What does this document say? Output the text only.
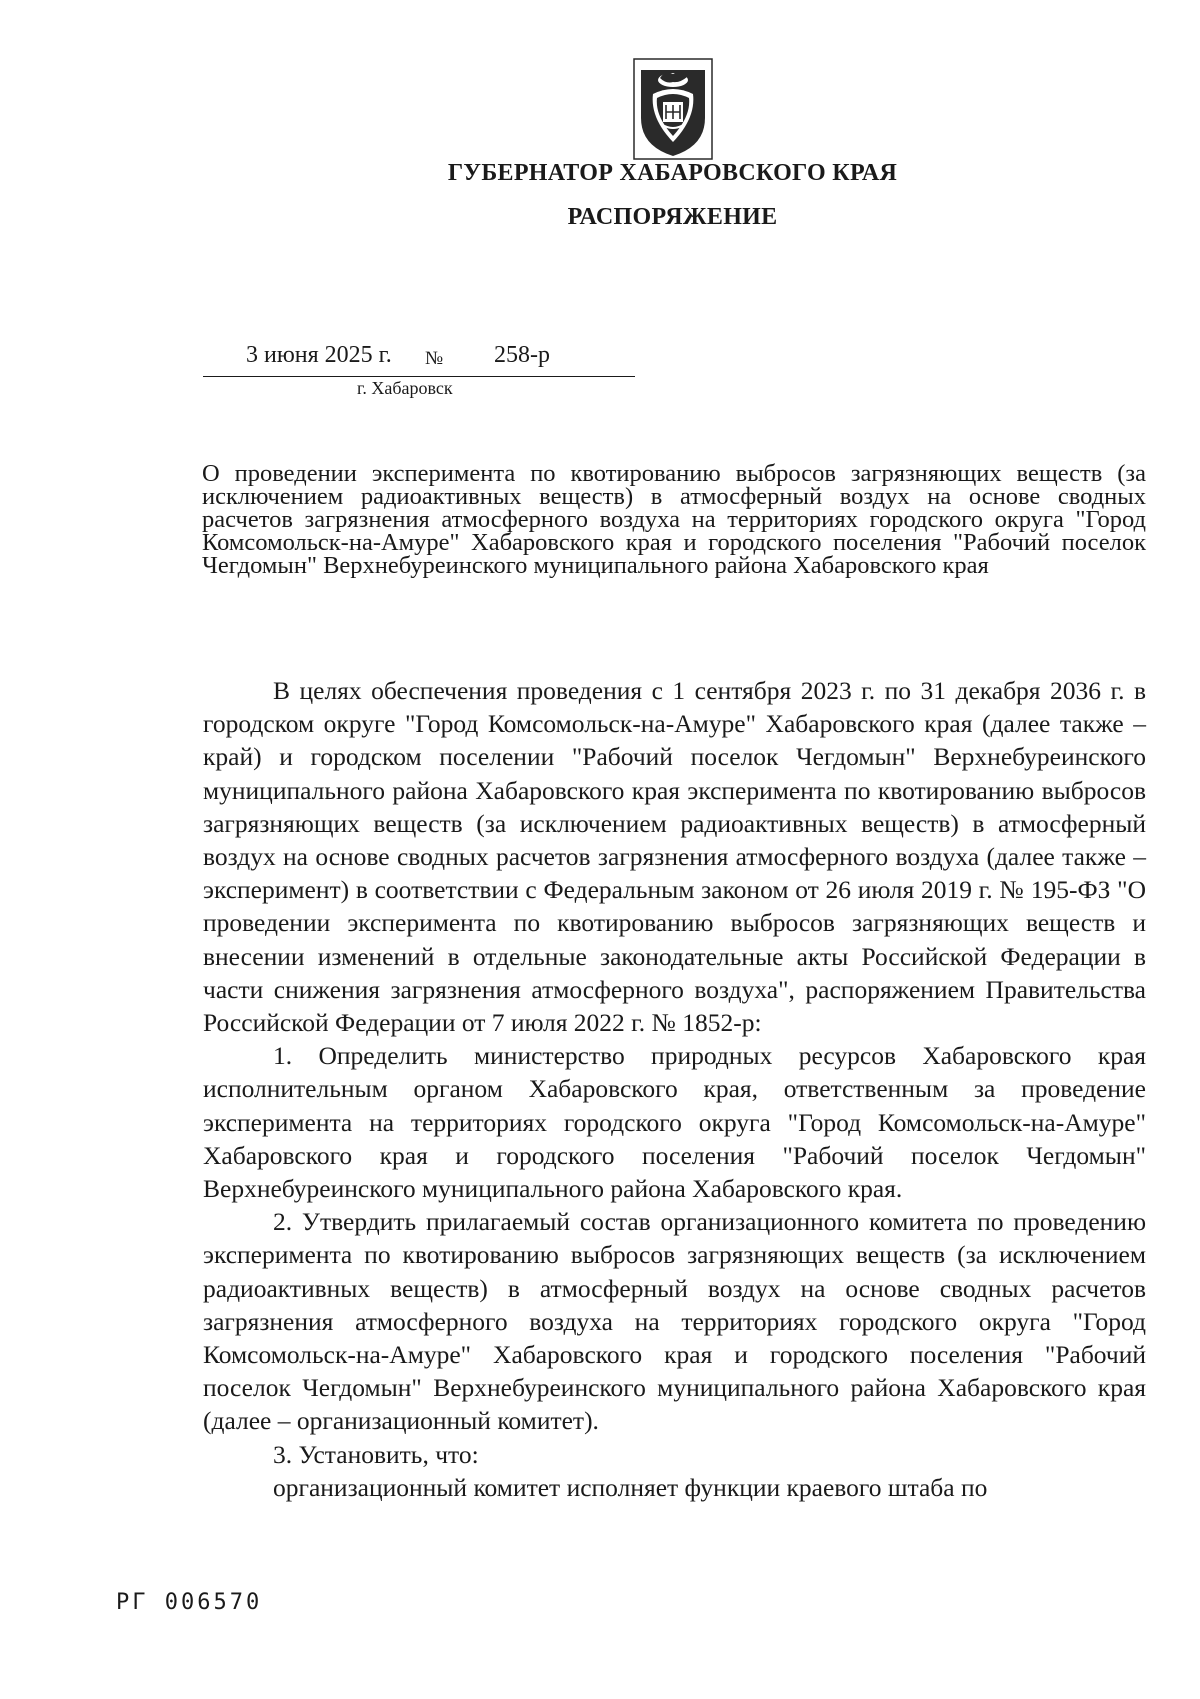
ГУБЕРНАТОР ХАБАРОВСКОГО КРАЯ
РАСПОРЯЖЕНИЕ
3 июня 2025 г. № 258-р
г. Хабаровск
О проведении эксперимента по квотированию выбросов загрязняющих веществ (за исключением радиоактивных веществ) в атмосферный воздух на основе сводных расчетов загрязнения атмосферного воздуха на территориях городского округа "Город Комсомольск-на-Амуре" Хабаровского края и городского поселения "Рабочий поселок Чегдомын" Верхнебуреинского муниципального района Хабаровского края

В целях обеспечения проведения с 1 сентября 2023 г. по 31 декабря 2036 г. в городском округе "Город Комсомольск-на-Амуре" Хабаровского края (далее также – край) и городском поселении "Рабочий поселок Чегдомын" Верхнебуреинского муниципального района Хабаровского края эксперимента по квотированию выбросов загрязняющих веществ (за исключением радиоактивных веществ) в атмосферный воздух на основе сводных расчетов загрязнения атмосферного воздуха (далее также – эксперимент) в соответствии с Федеральным законом от 26 июля 2019 г. № 195-ФЗ "О проведении эксперимента по квотированию выбросов загрязняющих веществ и внесении изменений в отдельные законодательные акты Российской Федерации в части снижения загрязнения атмосферного воздуха", распоряжением Правительства Российской Федерации от 7 июля 2022 г. № 1852-р:

1. Определить министерство природных ресурсов Хабаровского края исполнительным органом Хабаровского края, ответственным за проведение эксперимента на территориях городского округа "Город Комсомольск-на-Амуре" Хабаровского края и городского поселения "Рабочий поселок Чегдомын" Верхнебуреинского муниципального района Хабаровского края.

2. Утвердить прилагаемый состав организационного комитета по проведению эксперимента по квотированию выбросов загрязняющих веществ (за исключением радиоактивных веществ) в атмосферный воздух на основе сводных расчетов загрязнения атмосферного воздуха на территориях городского округа "Город Комсомольск-на-Амуре" Хабаровского края и городского поселения "Рабочий поселок Чегдомын" Верхнебуреинского муниципального района Хабаровского края (далее – организационный комитет).

3. Установить, что:

организационный комитет исполняет функции краевого штаба по

РГ 006570
